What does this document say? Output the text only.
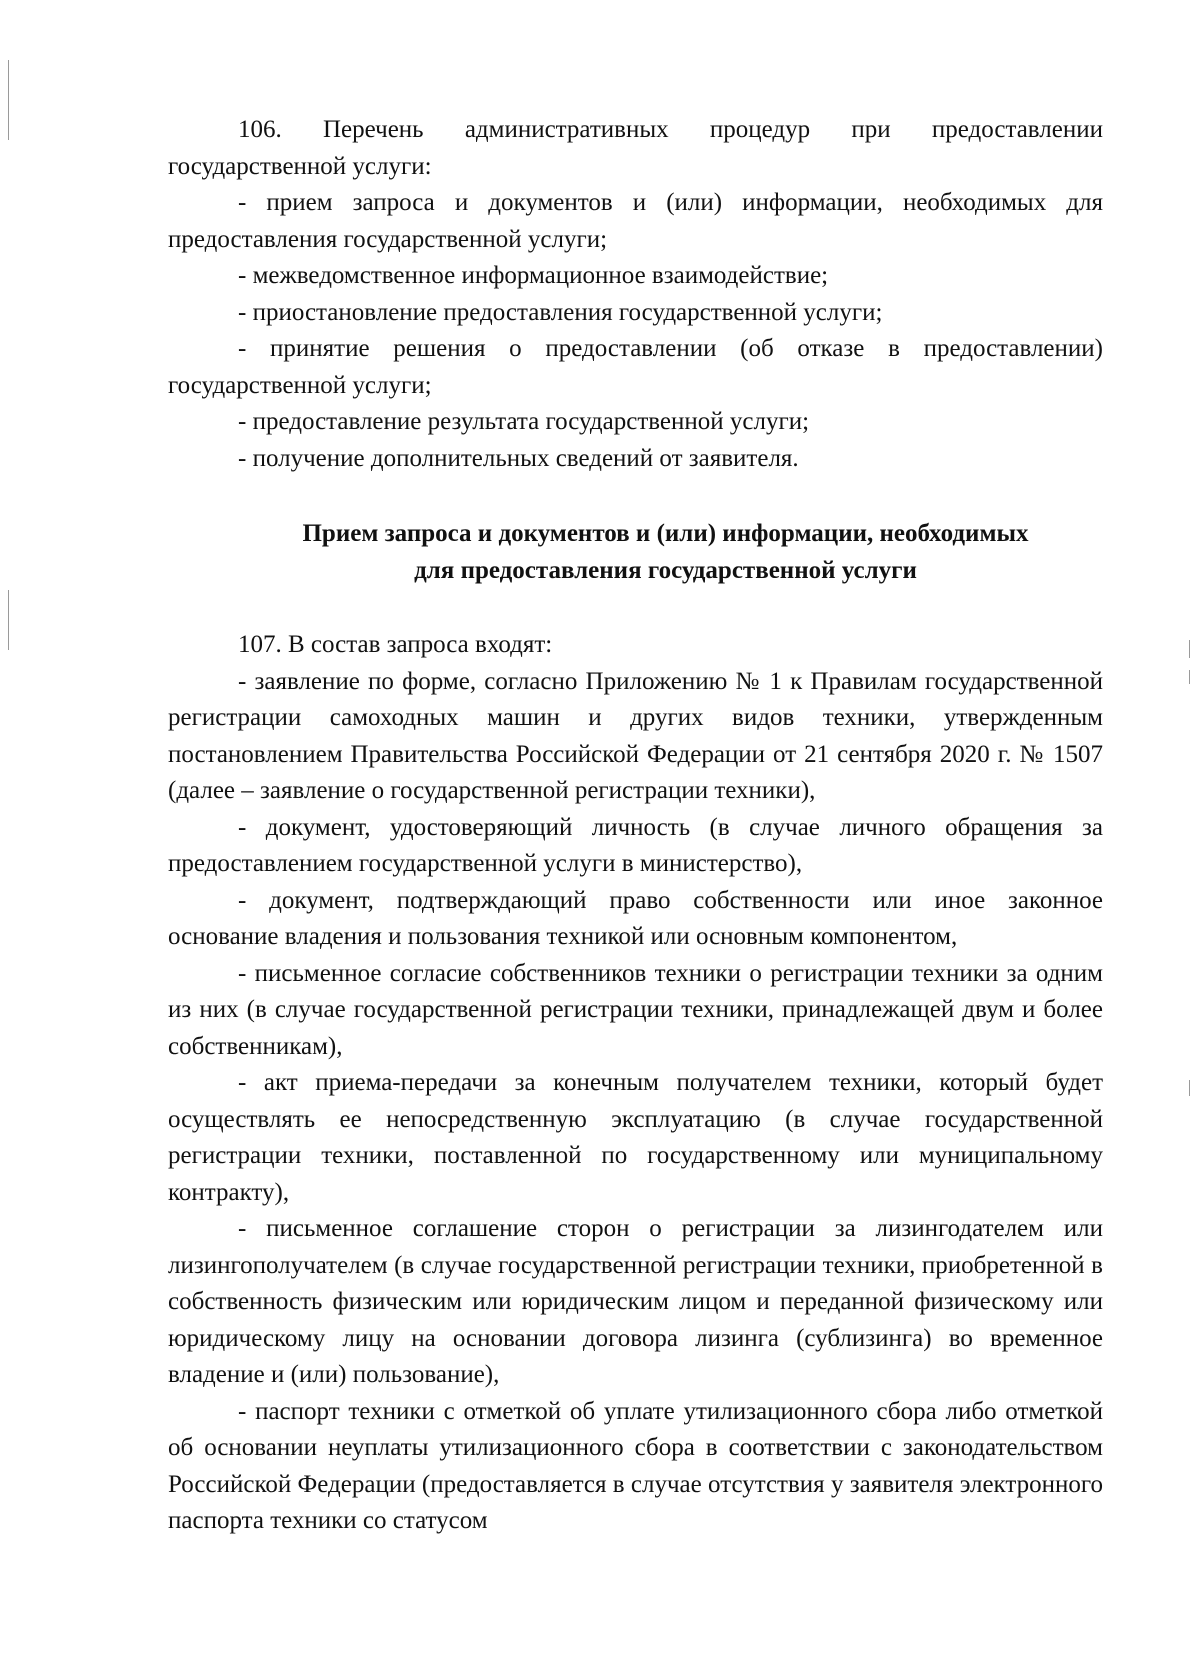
106. Перечень административных процедур при предоставлении государственной услуги:

- прием запроса и документов и (или) информации, необходимых для предоставления государственной услуги;

- межведомственное информационное взаимодействие;

- приостановление предоставления государственной услуги;

- принятие решения о предоставлении (об отказе в предоставлении) государственной услуги;

- предоставление результата государственной услуги;

- получение дополнительных сведений от заявителя.

Прием запроса и документов и (или) информации, необходимых

для предоставления государственной услуги

107. В состав запроса входят:

- заявление по форме, согласно Приложению № 1 к Правилам государственной регистрации самоходных машин и других видов техники, утвержденным постановлением Правительства Российской Федерации от 21 сентября 2020 г. № 1507 (далее – заявление о государственной регистрации техники),

- документ, удостоверяющий личность (в случае личного обращения за предоставлением государственной услуги в министерство),

- документ, подтверждающий право собственности или иное законное основание владения и пользования техникой или основным компонентом,

- письменное согласие собственников техники о регистрации техники за одним из них (в случае государственной регистрации техники, принадлежащей двум и более собственникам),

- акт приема-передачи за конечным получателем техники, который будет осуществлять ее непосредственную эксплуатацию (в случае государственной регистрации техники, поставленной по государственному или муниципальному контракту),

- письменное соглашение сторон о регистрации за лизингодателем или лизингополучателем (в случае государственной регистрации техники, приобретенной в собственность физическим или юридическим лицом и переданной физическому или юридическому лицу на основании договора лизинга (сублизинга) во временное владение и (или) пользование),

- паспорт техники с отметкой об уплате утилизационного сбора либо отметкой об основании неуплаты утилизационного сбора в соответствии с законодательством Российской Федерации (предоставляется в случае отсутствия у заявителя электронного паспорта техники со статусом
